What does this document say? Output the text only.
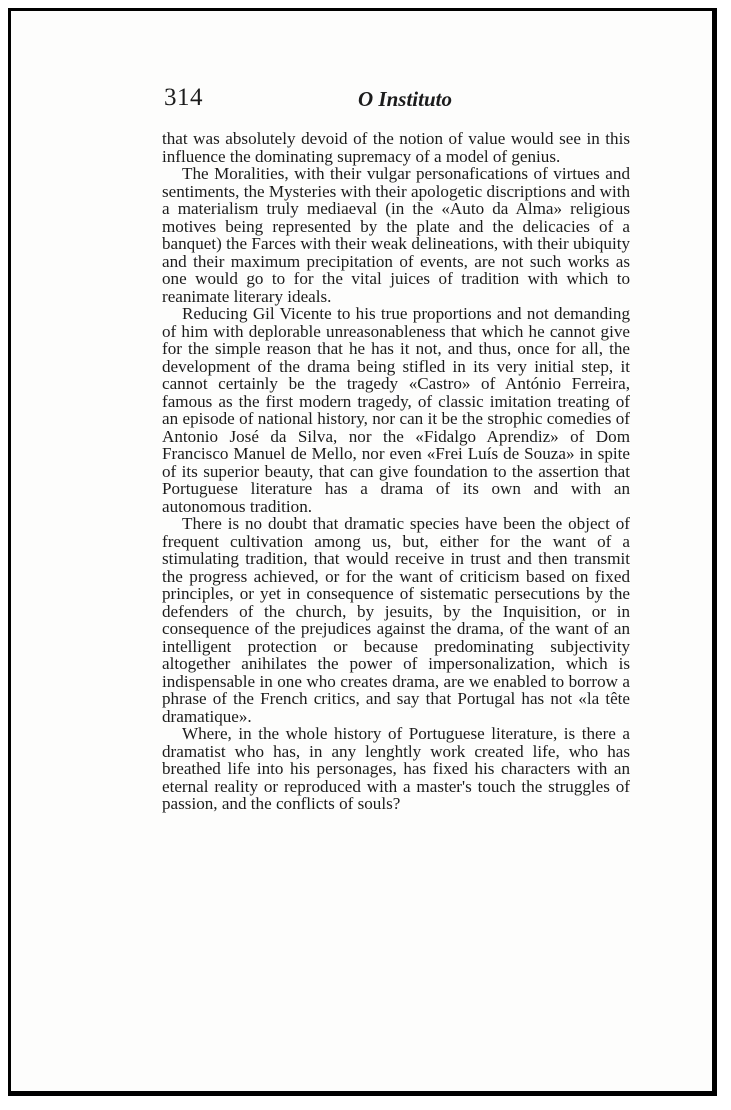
314	O Instituto

that was absolutely devoid of the notion of value would see in this influence the dominating supremacy of a model of genius.

The Moralities, with their vulgar personafications of virtues and sentiments, the Mysteries with their apologetic discriptions and with a materialism truly mediaeval (in the «Auto da Alma» religious motives being represented by the plate and the delicacies of a banquet) the Farces with their weak delineations, with their ubiquity and their maximum precipitation of events, are not such works as one would go to for the vital juices of tradition with which to reanimate literary ideals.

Reducing Gil Vicente to his true proportions and not demanding of him with deplorable unreasonableness that which he cannot give for the simple reason that he has it not, and thus, once for all, the development of the drama being stifled in its very initial step, it cannot certainly be the tragedy «Castro» of António Ferreira, famous as the first modern tragedy, of classic imitation treating of an episode of national history, nor can it be the strophic comedies of Antonio José da Silva, nor the «Fidalgo Aprendiz» of Dom Francisco Manuel de Mello, nor even «Frei Luís de Souza» in spite of its superior beauty, that can give foundation to the assertion that Portuguese literature has a drama of its own and with an autonomous tradition.

There is no doubt that dramatic species have been the object of frequent cultivation among us, but, either for the want of a stimulating tradition, that would receive in trust and then transmit the progress achieved, or for the want of criticism based on fixed principles, or yet in consequence of sistematic persecutions by the defenders of the church, by jesuits, by the Inquisition, or in consequence of the prejudices against the drama, of the want of an intelligent protection or because predominating subjectivity altogether anihilates the power of impersonalization, which is indispensable in one who creates drama, are we enabled to borrow a phrase of the French critics, and say that Portugal has not «la tête dramatique».

Where, in the whole history of Portuguese literature, is there a dramatist who has, in any lenghtly work created life, who has breathed life into his personages, has fixed his characters with an eternal reality or reproduced with a master's touch the struggles of passion, and the conflicts of souls?
